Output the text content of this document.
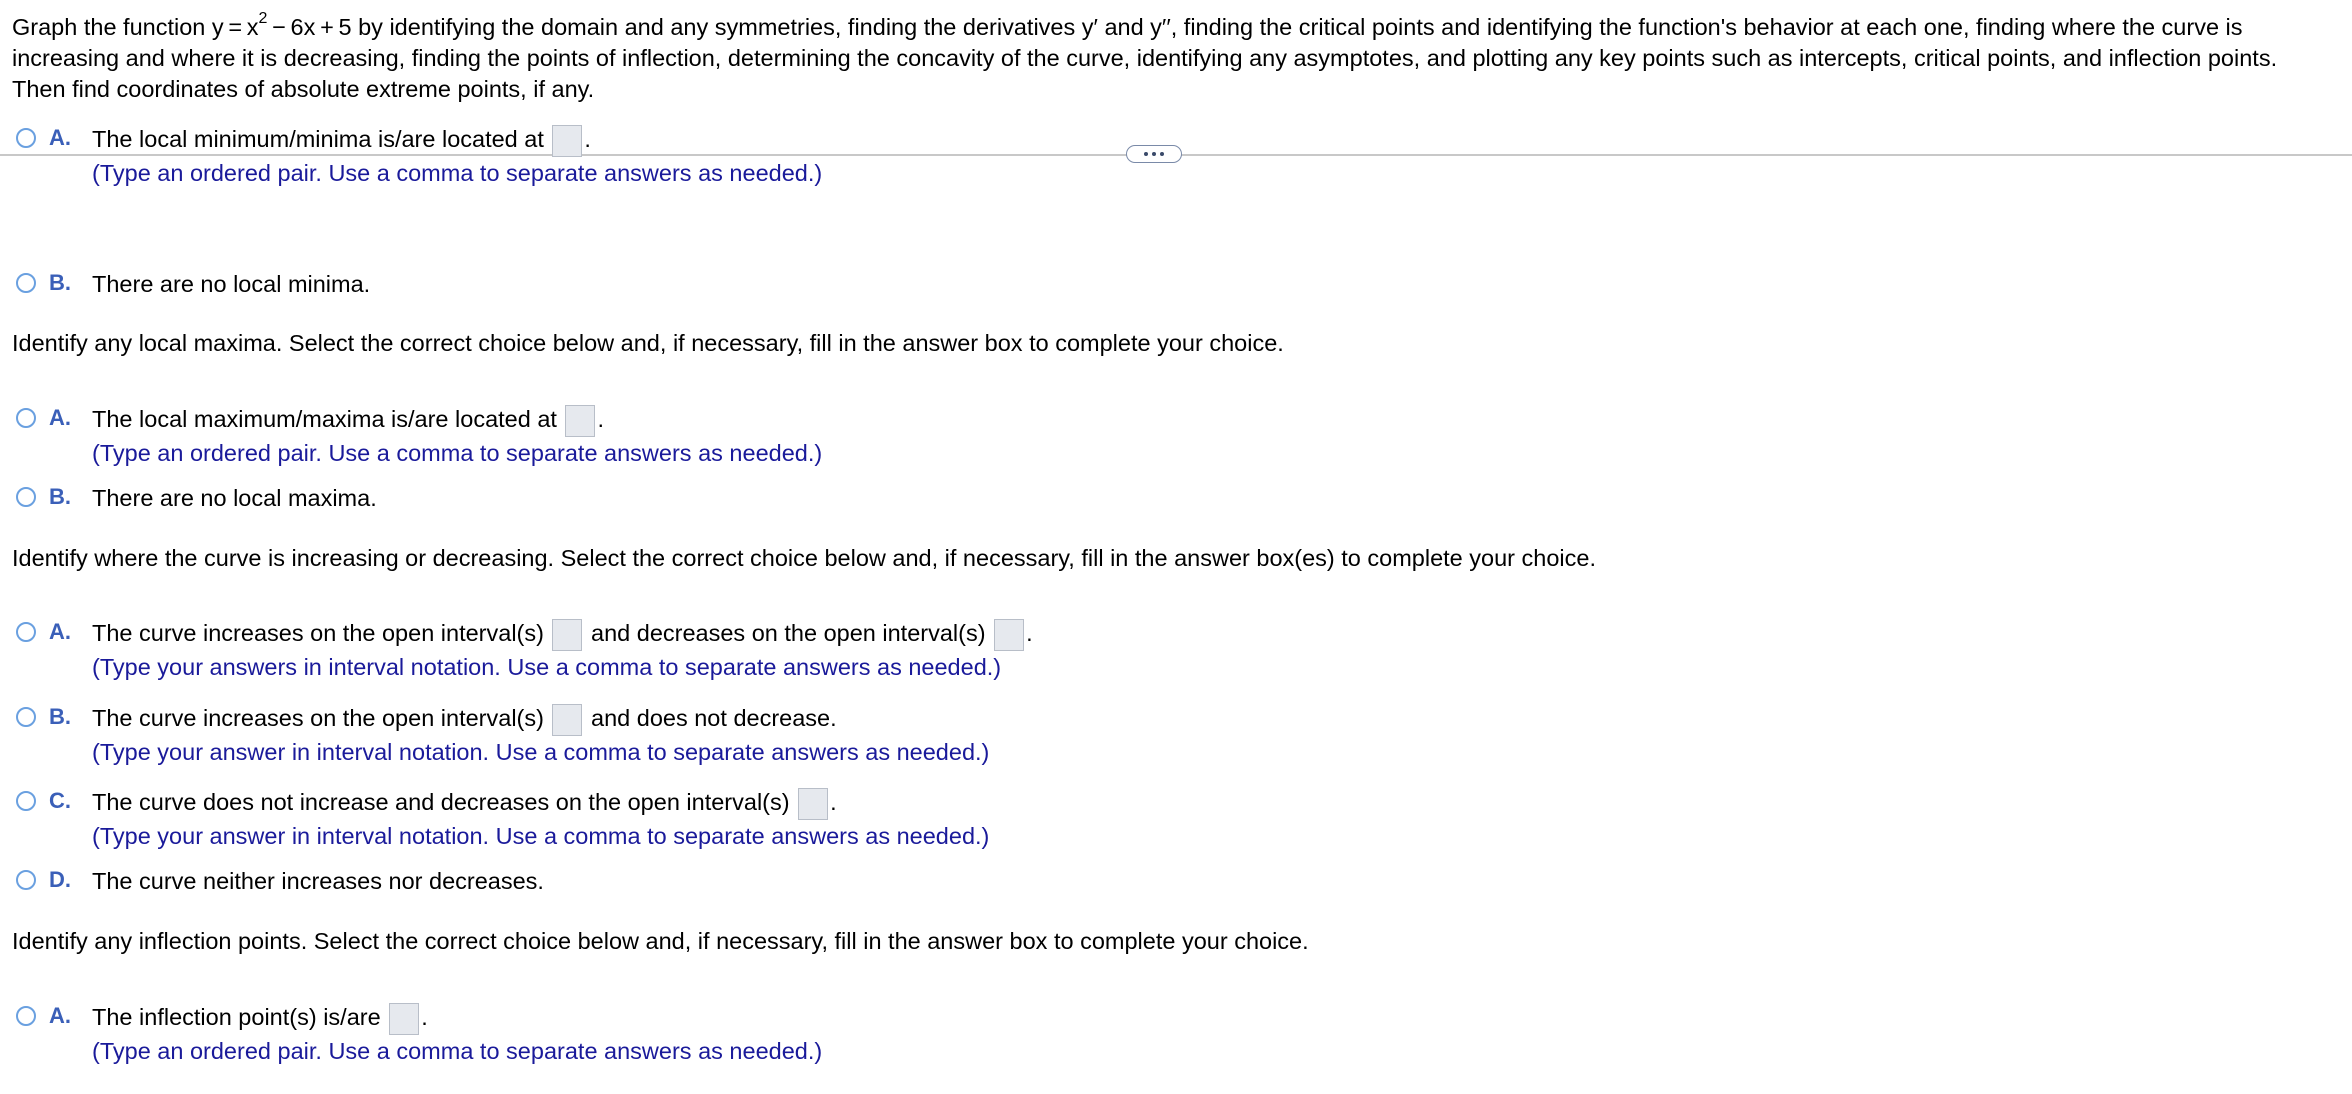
Graph the function $y = x^2 - 6x + 5$ by identifying the domain and any symmetries, finding the derivatives y′ and y′′, finding the critical points and identifying the function's behavior at each one, finding where the curve is increasing and where it is decreasing, finding the points of inflection, determining the concavity of the curve, identifying any asymptotes, and plotting any key points such as intercepts, critical points, and inflection points. Then find coordinates of absolute extreme points, if any.
A. The local minimum/minima is/are located at .
(Type an ordered pair. Use a comma to separate answers as needed.)
B. There are no local minima.
Identify any local maxima. Select the correct choice below and, if necessary, fill in the answer box to complete your choice.
A. The local maximum/maxima is/are located at .
(Type an ordered pair. Use a comma to separate answers as needed.)
B. There are no local maxima.
Identify where the curve is increasing or decreasing. Select the correct choice below and, if necessary, fill in the answer box(es) to complete your choice.
A. The curve increases on the open interval(s) and decreases on the open interval(s) .
(Type your answers in interval notation. Use a comma to separate answers as needed.)
B. The curve increases on the open interval(s) and does not decrease.
(Type your answer in interval notation. Use a comma to separate answers as needed.)
C. The curve does not increase and decreases on the open interval(s) .
(Type your answer in interval notation. Use a comma to separate answers as needed.)
D. The curve neither increases nor decreases.
Identify any inflection points. Select the correct choice below and, if necessary, fill in the answer box to complete your choice.
A. The inflection point(s) is/are .
(Type an ordered pair. Use a comma to separate answers as needed.)
